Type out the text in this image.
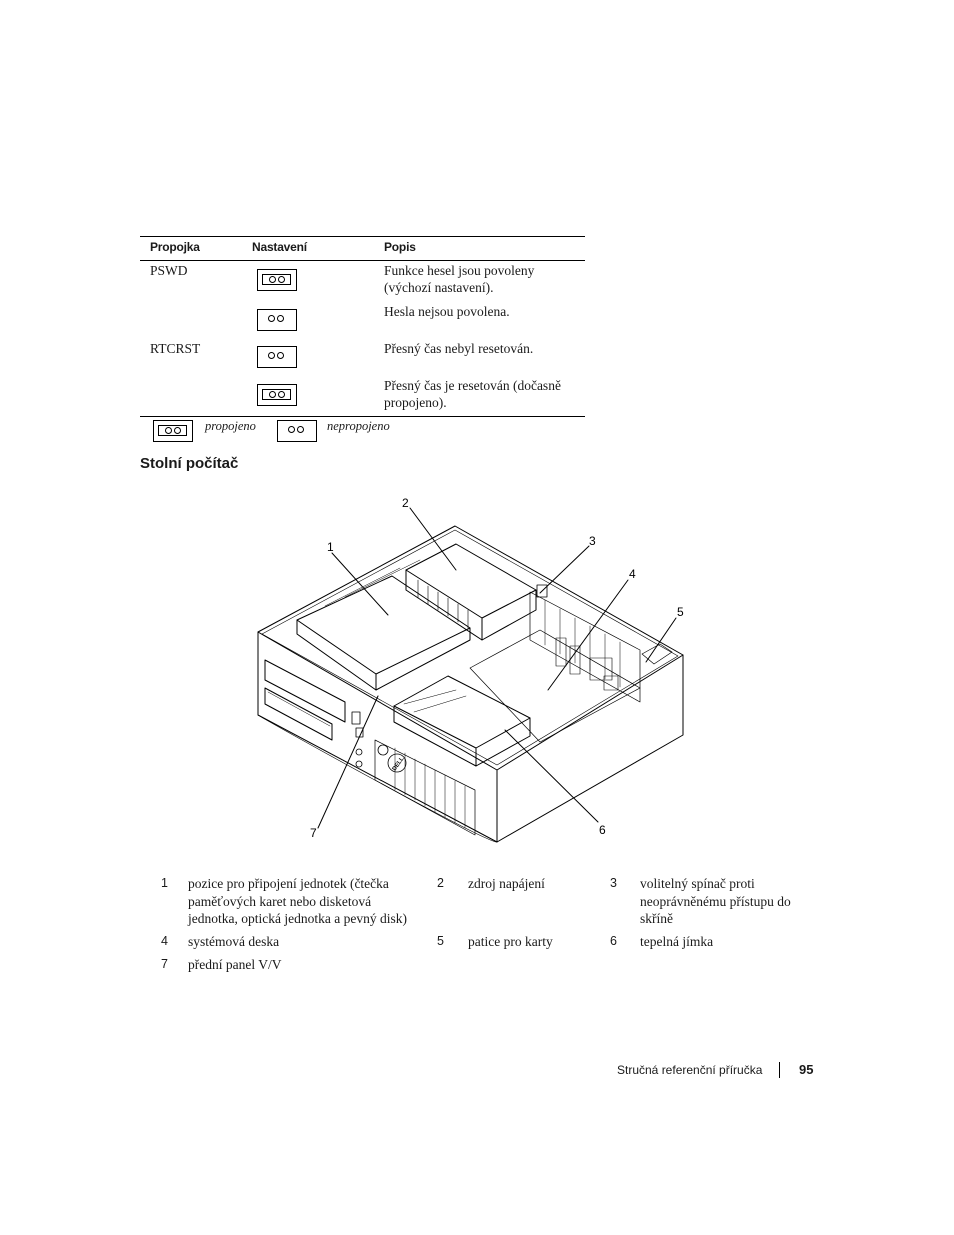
Propojka	Nastavení	Popis
PSWD	Funkce hesel jsou povoleny (výchozí nastavení).
Hesla nejsou povolena.
RTCRST	Přesný čas nebyl resetován.
Přesný čas je resetován (dočasně propojeno).
propojeno	nepropojeno
Stolní počítač
DELL
1
2
3
4
5
6
7
1 pozice pro připojení jednotek (čtečka paměťových karet nebo disketová jednotka, optická jednotka a pevný disk)
2 zdroj napájení	3 volitelný spínač proti neoprávněnému přístupu do skříně
4 systémová deska	5 patice pro karty	6 tepelná jímka
7 přední panel V/V
Stručná referenční příručka	95
